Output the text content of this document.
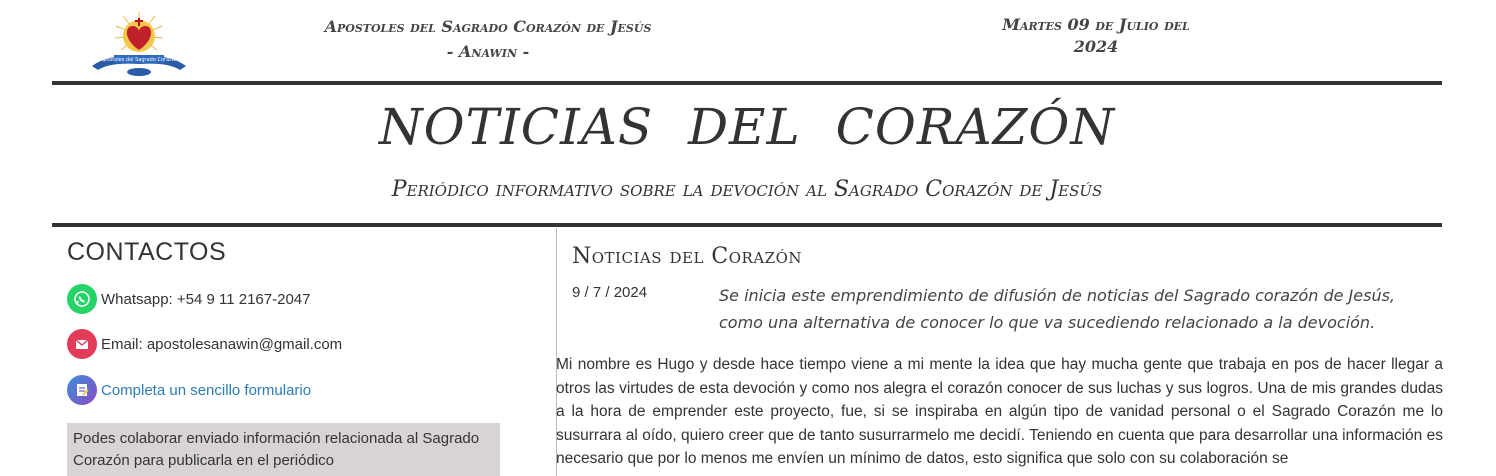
Apostoles del Sagrado Corazón
Apostoles del Sagrado Corazón de Jesús
- Anawin -
Martes 09 de Julio del 2024
NOTICIAS DEL CORAZÓN
Periódico informativo sobre la devoción al Sagrado Corazón de Jesús
CONTACTOS
Whatsapp: +54 9 11 2167-2047
Email: apostolesanawin@gmail.com
Completa un sencillo formulario
Podes colaborar enviado información relacionada al Sagrado Corazón para publicarla en el periódico
Noticias del Corazón
9 / 7 / 2024	Se inicia este emprendimiento de difusión de noticias del Sagrado corazón de Jesús, como una alternativa de conocer lo que va sucediendo relacionado a la devoción.
Mi nombre es Hugo y desde hace tiempo viene a mi mente la idea que hay mucha gente que trabaja en pos de hacer llegar a otros las virtudes de esta devoción y como nos alegra el corazón conocer de sus luchas y sus logros. Una de mis grandes dudas a la hora de emprender este proyecto, fue, si se inspiraba en algún tipo de vanidad personal o el Sagrado Corazón me lo susurrara al oído, quiero creer que de tanto susurrarmelo me decidí. Teniendo en cuenta que para desarrollar una información es necesario que por lo menos me envíen un mínimo de datos, esto significa que solo con su colaboración se
